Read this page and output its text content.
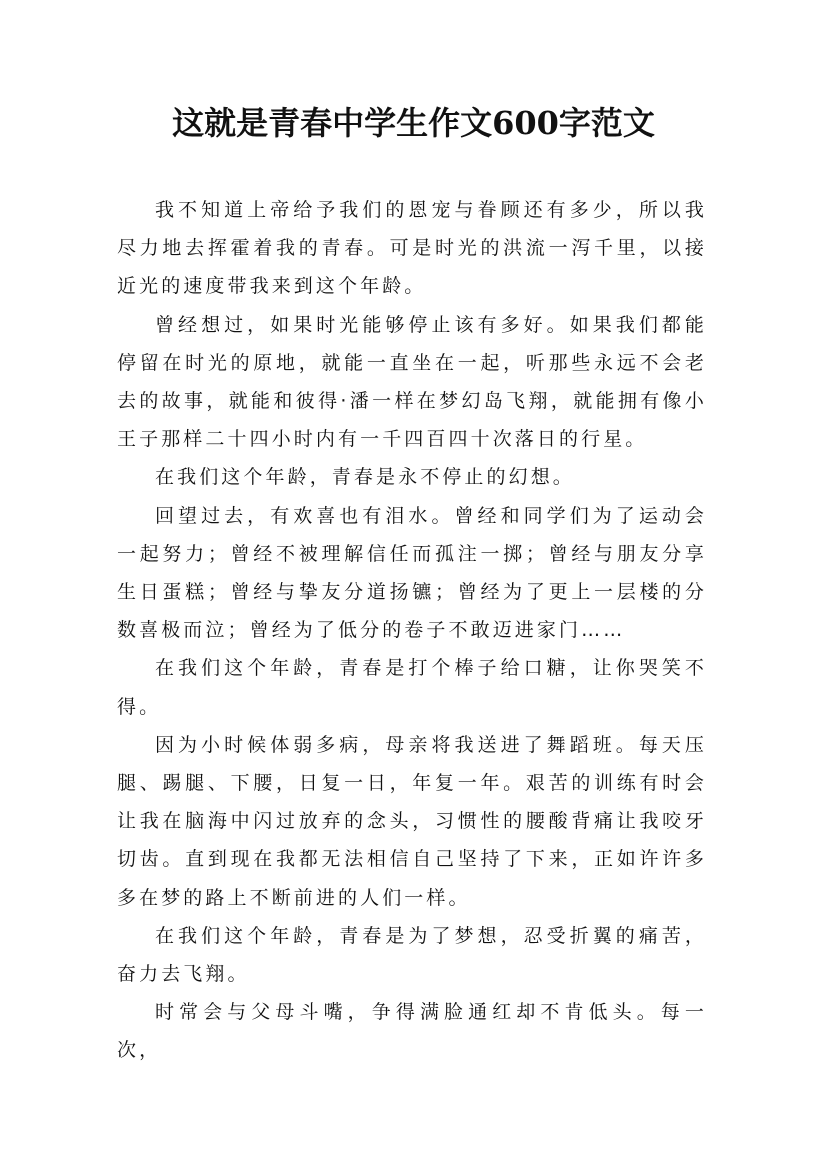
这就是青春中学生作文600字范文

我不知道上帝给予我们的恩宠与眷顾还有多少，所以我尽力地去挥霍着我的青春。可是时光的洪流一泻千里，以接近光的速度带我来到这个年龄。

曾经想过，如果时光能够停止该有多好。如果我们都能停留在时光的原地，就能一直坐在一起，听那些永远不会老去的故事，就能和彼得·潘一样在梦幻岛飞翔，就能拥有像小王子那样二十四小时内有一千四百四十次落日的行星。

在我们这个年龄，青春是永不停止的幻想。

回望过去，有欢喜也有泪水。曾经和同学们为了运动会一起努力；曾经不被理解信任而孤注一掷；曾经与朋友分享生日蛋糕；曾经与挚友分道扬镳；曾经为了更上一层楼的分数喜极而泣；曾经为了低分的卷子不敢迈进家门……

在我们这个年龄，青春是打个棒子给口糖，让你哭笑不得。

因为小时候体弱多病，母亲将我送进了舞蹈班。每天压腿、踢腿、下腰，日复一日，年复一年。艰苦的训练有时会让我在脑海中闪过放弃的念头，习惯性的腰酸背痛让我咬牙切齿。直到现在我都无法相信自己坚持了下来，正如许许多多在梦的路上不断前进的人们一样。

在我们这个年龄，青春是为了梦想，忍受折翼的痛苦，奋力去飞翔。

时常会与父母斗嘴，争得满脸通红却不肯低头。每一次，
